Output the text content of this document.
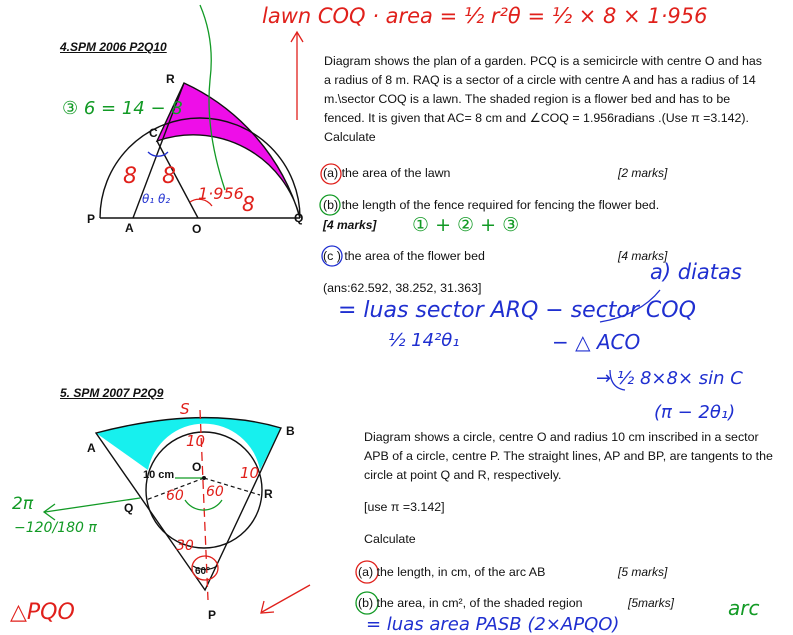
4.SPM 2006 P2Q10
R
C
P
A	O
Q
8 8
8
1·956
θ₁ θ₂
③ 6 = 14 − 8
lawn COQ · area = ½ r²θ = ½ × 8 × 1·956
Diagram shows the plan of a garden. PCQ is a semicircle with centre O and has a radius of 8 m. RAQ is a sector of a circle with centre A and has a radius of 14 m.\sector COQ is a lawn. The shaded region is a flower bed and has to be fenced. It is given that AC= 8 cm and ∠COQ = 1.956radians .(Use π =3.142). Calculate
(a) the area of the lawn	[2 marks]
(b) the length of the fence required for fencing the flower bed.
[4 marks]
(c ) the area of the flower bed	[4 marks]
(ans:62.592, 38.252, 31.363]
① + ② + ③
a) diatas
= luas sector ARQ − sector COQ
½ 14²θ₁	− △ ACO
→ ½ 8×8× sin C
(π − 2θ₁)
5. SPM 2007 P2Q9
A
B
Q
R
O
P
10 cm
60°
S
10
10
60 60
30
2π
−120/180 π
△PQO	arc
Diagram shows a circle, centre O and radius 10 cm inscribed in a sector APB of a circle, centre P. The straight lines, AP and BP, are tangents to the circle at point Q and R, respectively.
[use π =3.142]
Calculate
(a) the length, in cm, of the arc AB	[5 marks]
(b) the area, in cm², of the shaded region	[5marks]
= luas area PASB (2×APQO)
